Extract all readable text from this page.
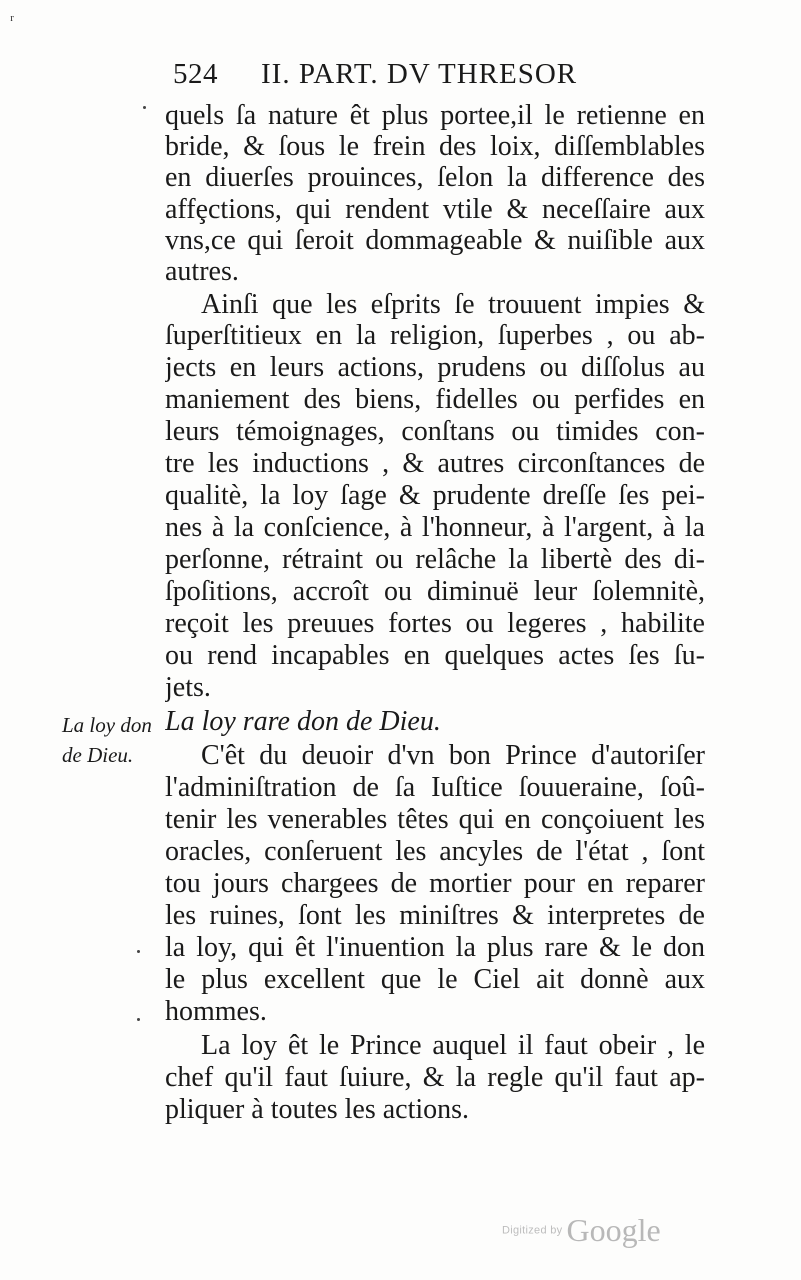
ʳ
524 II. PART. DV THRESOR
quels ſa nature êt plus portee,il le retienne en
bride, & ſous le frein des loix, diſſemblables
en diuerſes prouinces, ſelon la difference des
affȩctions, qui rendent vtile & neceſſaire aux
vns,ce qui ſeroit dommageable & nuiſible aux
autres.
Ainſi que les eſprits ſe trouuent impies &
ſuperſtitieux en la religion, ſuperbes , ou ab-
jects en leurs actions, prudens ou diſſolus au
maniement des biens, fidelles ou perfides en
leurs témoignages, conſtans ou timides con-
tre les inductions , & autres circonſtances de
qualitè, la loy ſage & prudente dreſſe ſes pei-
nes à la conſcience, à l'honneur, à l'argent, à la
perſonne, rétraint ou relâche la libertè des di-
ſpoſitions, accroît ou diminuë leur ſolemnitè,
reçoit les preuues fortes ou legeres , habilite
ou rend incapables en quelques actes ſes ſu-
jets.
La loy rare don de Dieu.
C'êt du deuoir d'vn bon Prince d'autoriſer
l'adminiſtration de ſa Iuſtice ſouueraine, ſoû-
tenir les venerables têtes qui en conçoiuent les
oracles, conſeruent les ancyles de l'état , ſont
tou jours chargees de mortier pour en reparer
les ruines, ſont les miniſtres & interpretes de
la loy, qui êt l'inuention la plus rare & le don
le plus excellent que le Ciel ait donnè aux
hommes.
La loy êt le Prince auquel il faut obeir , le
chef qu'il faut ſuiure, & la regle qu'il faut ap-
pliquer à toutes les actions.
La loy don
de Dieu.
Digitized by Google
